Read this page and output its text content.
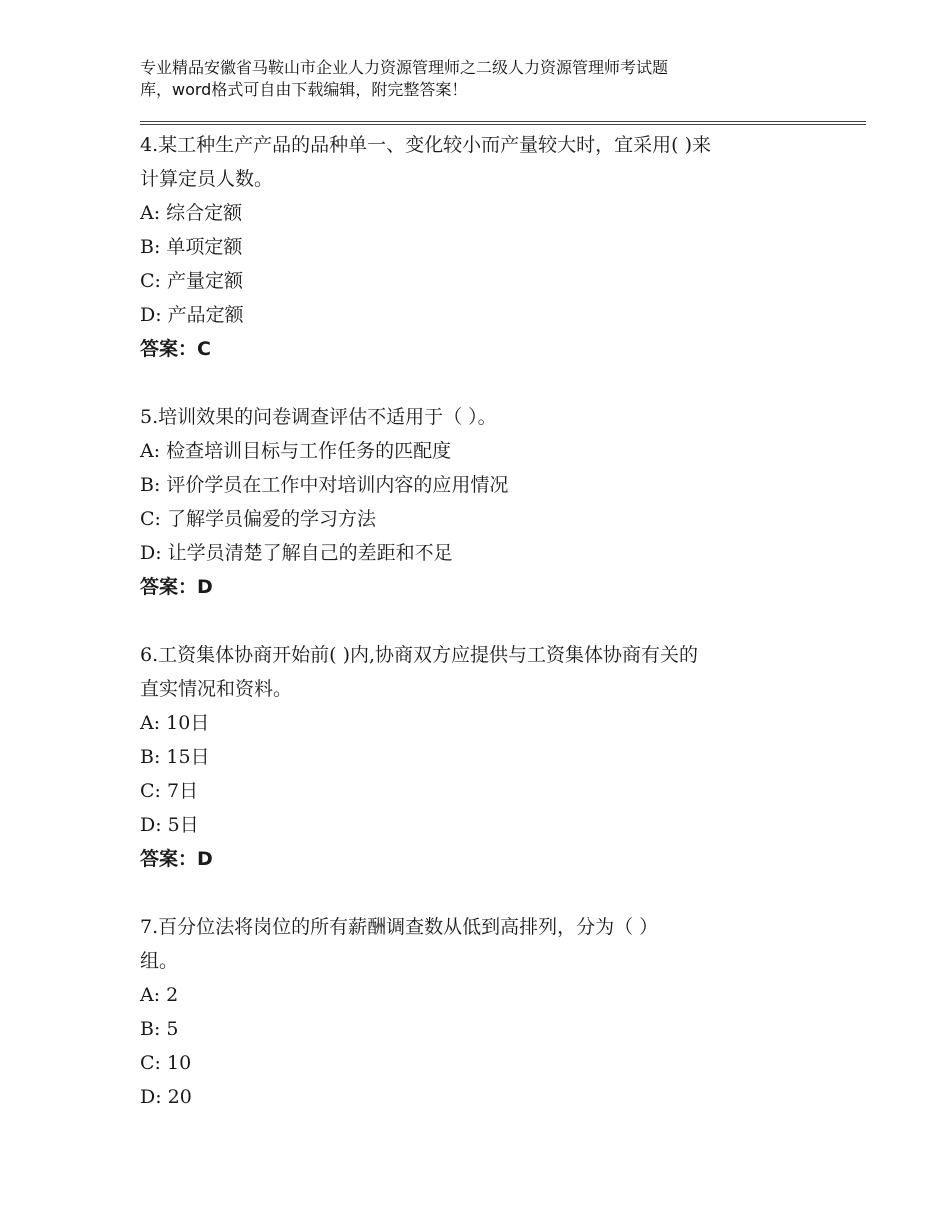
专业精品安徽省马鞍山市企业人力资源管理师之二级人力资源管理师考试题
库，word格式可自由下载编辑，附完整答案！
4.某工种生产产品的品种单一、变化较小而产量较大时，宜采用( )来
计算定员人数。
A: 综合定额
B: 单项定额
C: 产量定额
D: 产品定额
答案：C
5.培训效果的问卷调查评估不适用于（ ）。
A: 检查培训目标与工作任务的匹配度
B: 评价学员在工作中对培训内容的应用情况
C: 了解学员偏爱的学习方法
D: 让学员清楚了解自己的差距和不足
答案：D
6.工资集体协商开始前( )内,协商双方应提供与工资集体协商有关的
直实情况和资料。
A: 10日
B: 15日
C: 7日
D: 5日
答案：D
7.百分位法将岗位的所有薪酬调查数从低到高排列，分为（ ）
组。
A: 2
B: 5
C: 10
D: 20
